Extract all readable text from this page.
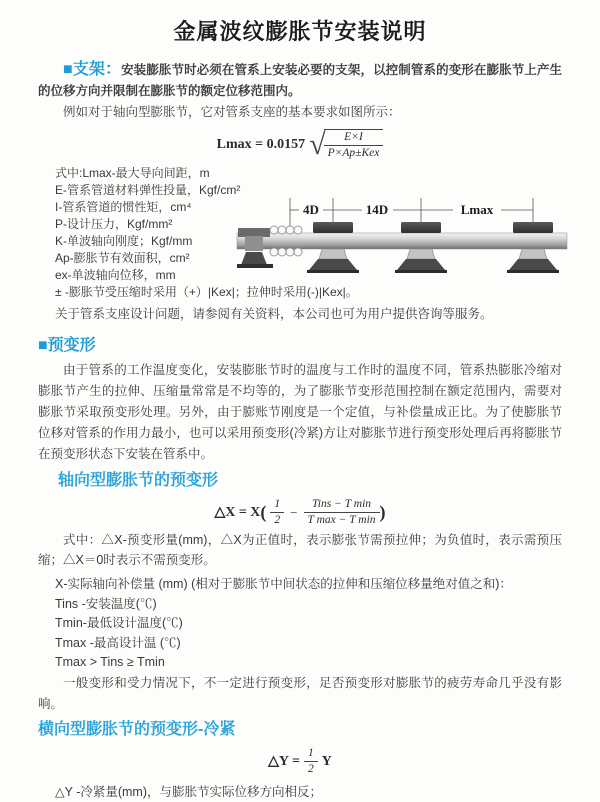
金属波纹膨胀节安装说明

■支架：安装膨胀节时必须在管系上安装必要的支架，以控制管系的变形在膨胀节上产生的位移方向并限制在膨胀节的额定位移范围内。

例如对于轴向型膨胀节，它对管系支座的基本要求如图所示：

Lmax = 0.0157 √
$\frac{E\times I}{\text{P×Ap±Kex}}$
4D	14D	Lmax
式中:Lmax-最大导向间距，m
E-管系管道材料弹性投量，Kgf/cm²
I-管系管道的惯性矩，cm⁴
P-设计压力，Kgf/mm²
K-单波轴向刚度；Kgf/mm
Ap-膨胀节有效面积，cm²
ex-单波轴向位移，mm
± -膨胀节受压缩时采用（+）|Kex|；拉伸时采用(-)|Kex|。
关于管系支座设计问题，请参阅有关资料，本公司也可为用户提供咨询等服务。
■预变形

由于管系的工作温度变化，安装膨胀节时的温度与工作时的温度不同，管系热膨胀冷缩对膨胀节产生的拉伸、压缩量常常是不均等的，为了膨胀节变形范围控制在额定范围内，需要对膨胀节采取预变形处理。另外，由于膨账节刚度是一个定值，与补偿量成正比。为了使膨胀节位移对管系的作用力最小，也可以采用预变形(冷紧)方让对膨胀节进行预变形处理后再将膨胀节在预变形状态下安装在管系中。

轴向型膨胀节的预变形
△X = $X( \frac{1}{2} - \frac{\text{Tins − T min}}{\text{T max − T min}}$ )

式中：△X-预变形量(mm)，△X为正值时，表示膨张节需预拉伸；为负值时，表示需预压缩；△X＝0时表示不需预变形。

X-实际轴向补偿量 (mm) (相对于膨胀节中间状态的拉伸和压缩位移量绝对值之和)：
Tins -安装温度(℃)
Tmin-最低设计温度(℃)
Tmax -最高设计温 (℃)
Tmax > Tins ≥ Tmin

一般变形和受力情况下，不一定进行预变形，足否预变形对膨胀节的疲劳寿命几乎没有影响。

横向型膨胀节的预变形-冷紧
△Y = $\frac{1}{2}$ Y
△Y -冷紧量(mm)，与膨胀节实际位移方向相反；
